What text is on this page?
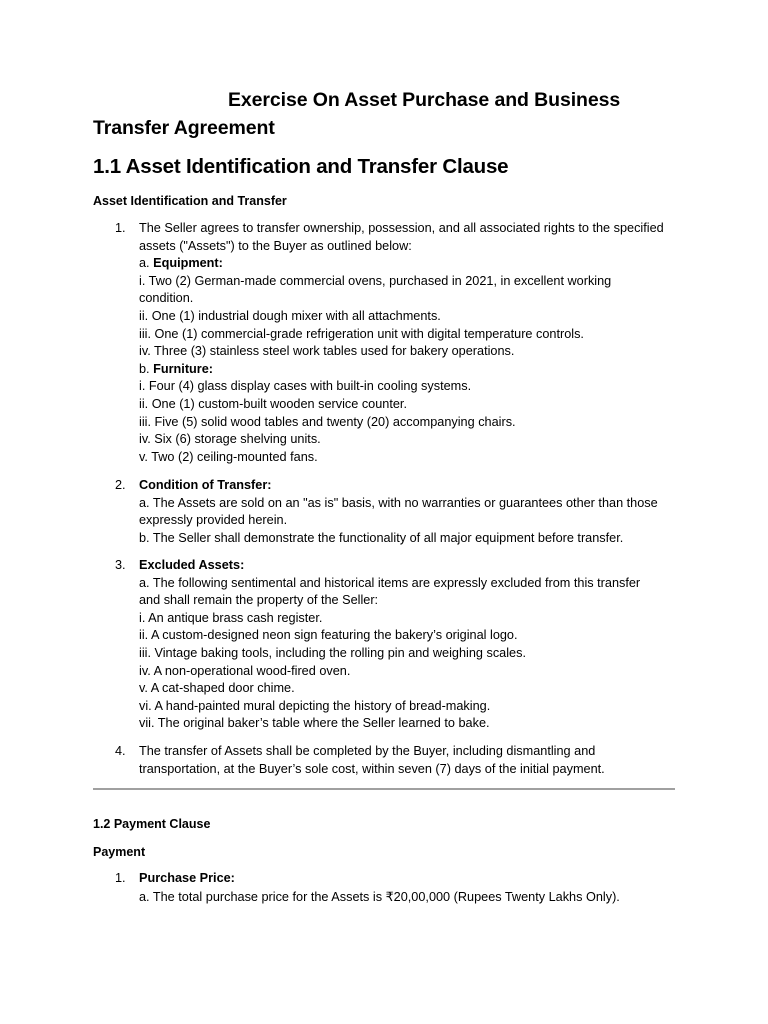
Exercise On Asset Purchase and Business
Transfer Agreement
1.1 Asset Identification and Transfer Clause
Asset Identification and Transfer
1. The Seller agrees to transfer ownership, possession, and all associated rights to the specified
assets ("Assets") to the Buyer as outlined below:
a. Equipment:
i. Two (2) German-made commercial ovens, purchased in 2021, in excellent working
condition.
ii. One (1) industrial dough mixer with all attachments.
iii. One (1) commercial-grade refrigeration unit with digital temperature controls.
iv. Three (3) stainless steel work tables used for bakery operations.
b. Furniture:
i. Four (4) glass display cases with built-in cooling systems.
ii. One (1) custom-built wooden service counter.
iii. Five (5) solid wood tables and twenty (20) accompanying chairs.
iv. Six (6) storage shelving units.
v. Two (2) ceiling-mounted fans.
2. Condition of Transfer:
a. The Assets are sold on an "as is" basis, with no warranties or guarantees other than those
expressly provided herein.
b. The Seller shall demonstrate the functionality of all major equipment before transfer.
3. Excluded Assets:
a. The following sentimental and historical items are expressly excluded from this transfer
and shall remain the property of the Seller:
i. An antique brass cash register.
ii. A custom-designed neon sign featuring the bakery’s original logo.
iii. Vintage baking tools, including the rolling pin and weighing scales.
iv. A non-operational wood-fired oven.
v. A cat-shaped door chime.
vi. A hand-painted mural depicting the history of bread-making.
vii. The original baker’s table where the Seller learned to bake.
4. The transfer of Assets shall be completed by the Buyer, including dismantling and
transportation, at the Buyer’s sole cost, within seven (7) days of the initial payment.
1.2 Payment Clause
Payment
1. Purchase Price:
a. The total purchase price for the Assets is ₹20,00,000 (Rupees Twenty Lakhs Only).
